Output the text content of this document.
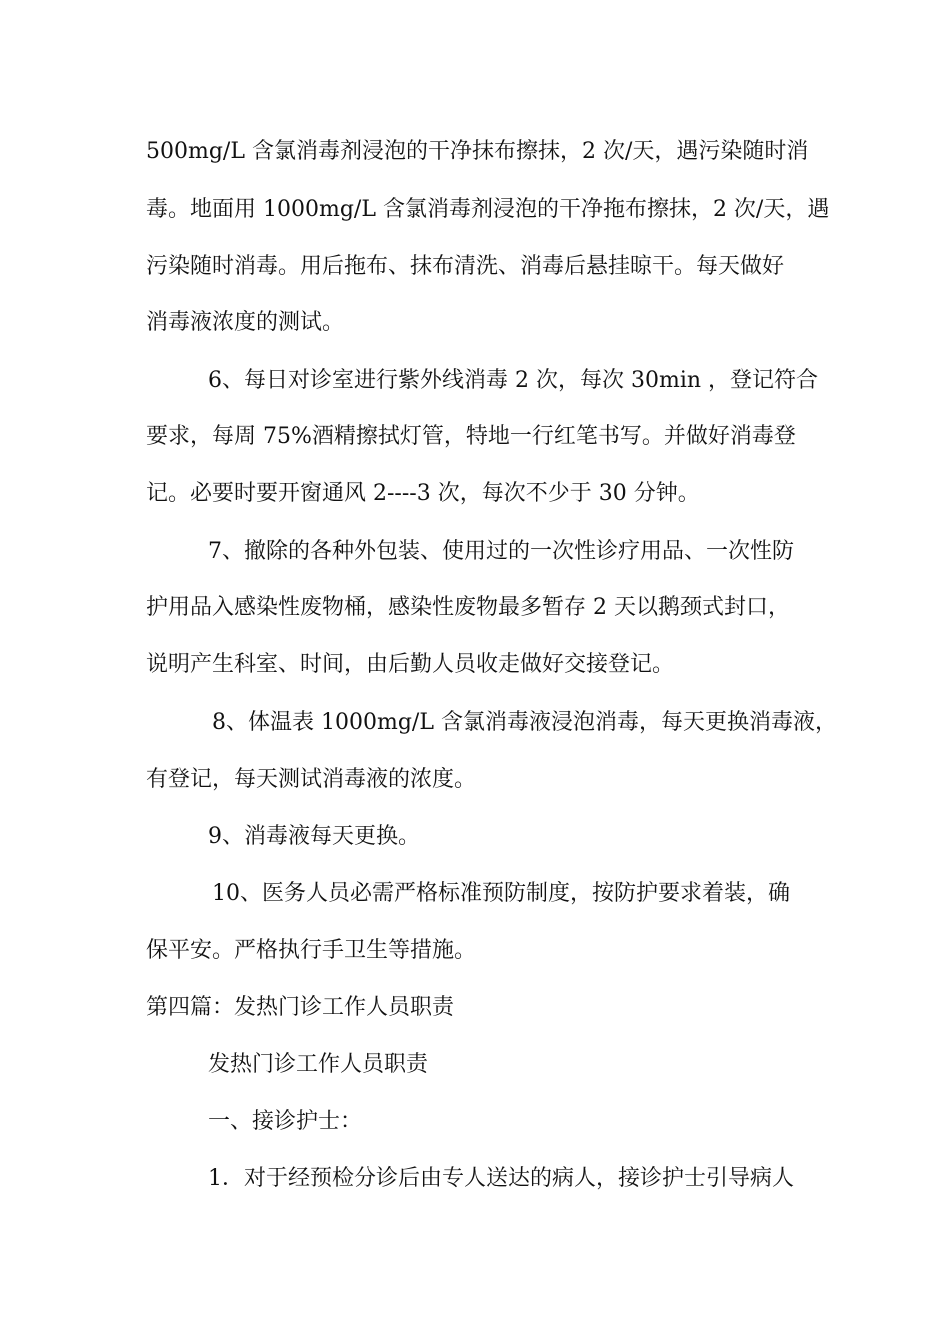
500mg/L 含氯消毒剂浸泡的干净抹布擦抹，2 次/天，遇污染随时消
毒。地面用 1000mg/L 含氯消毒剂浸泡的干净拖布擦抹，2 次/天，遇
污染随时消毒。用后拖布、抹布清洗、消毒后悬挂晾干。每天做好
消毒液浓度的测试。
6、每日对诊室进行紫外线消毒 2 次，每次 30min ，登记符合
要求，每周 75%酒精擦拭灯管，特地一行红笔书写。并做好消毒登
记。必要时要开窗通风 2----3 次，每次不少于 30 分钟。
7、撤除的各种外包装、使用过的一次性诊疗用品、一次性防
护用品入感染性废物桶，感染性废物最多暂存 2 天以鹅颈式封口，
说明产生科室、时间，由后勤人员收走做好交接登记。
8、体温表 1000mg/L 含氯消毒液浸泡消毒，每天更换消毒液，
有登记，每天测试消毒液的浓度。
9、消毒液每天更换。
10、医务人员必需严格标准预防制度，按防护要求着装，确
保平安。严格执行手卫生等措施。
第四篇：发热门诊工作人员职责
发热门诊工作人员职责
一、接诊护士：
1．对于经预检分诊后由专人送达的病人，接诊护士引导病人
